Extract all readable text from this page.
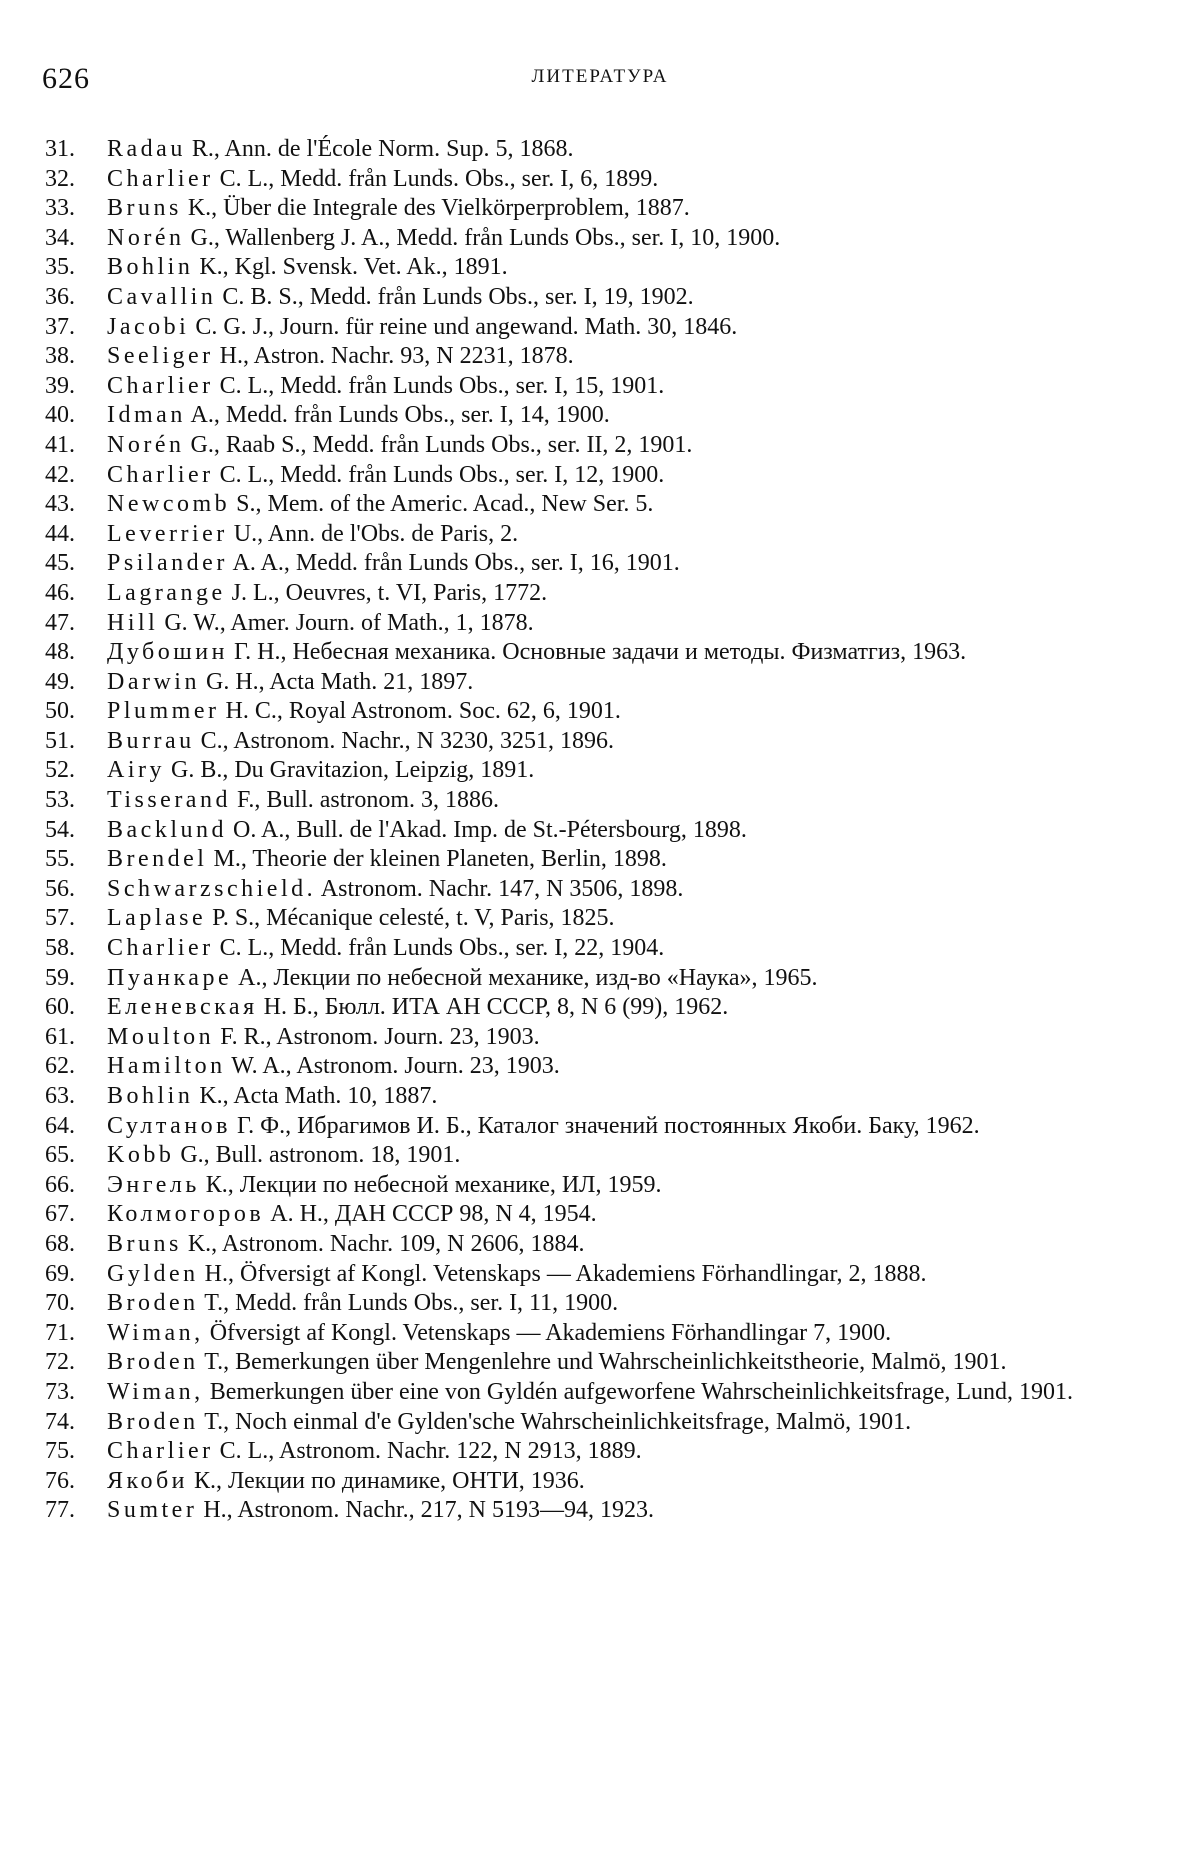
626	ЛИТЕРАТУРА
31.	Radau R., Ann. de l'École Norm. Sup. 5, 1868.
32.	Charlier C. L., Medd. från Lunds. Obs., ser. I, 6, 1899.
33.	Bruns K., Über die Integrale des Vielkörperproblem, 1887.
34.	Norén G., Wallenberg J. A., Medd. från Lunds Obs., ser. I, 10, 1900.
35.	Bohlin K., Kgl. Svensk. Vet. Ak., 1891.
36.	Cavallin C. B. S., Medd. från Lunds Obs., ser. I, 19, 1902.
37.	Jacobi C. G. J., Journ. für reine und angewand. Math. 30, 1846.
38.	Seeliger H., Astron. Nachr. 93, N 2231, 1878.
39.	Charlier C. L., Medd. från Lunds Obs., ser. I, 15, 1901.
40.	Idman A., Medd. från Lunds Obs., ser. I, 14, 1900.
41.	Norén G., Raab S., Medd. från Lunds Obs., ser. II, 2, 1901.
42.	Charlier C. L., Medd. från Lunds Obs., ser. I, 12, 1900.
43.	Newcomb S., Mem. of the Americ. Acad., New Ser. 5.
44.	Leverrier U., Ann. de l'Obs. de Paris, 2.
45.	Psilander A. A., Medd. från Lunds Obs., ser. I, 16, 1901.
46.	Lagrange J. L., Oeuvres, t. VI, Paris, 1772.
47.	Hill G. W., Amer. Journ. of Math., 1, 1878.
48.	Дубошин Г. Н., Небесная механика. Основные задачи и методы. Физматгиз, 1963.
49.	Darwin G. H., Acta Math. 21, 1897.
50.	Plummer H. C., Royal Astronom. Soc. 62, 6, 1901.
51.	Burrau C., Astronom. Nachr., N 3230, 3251, 1896.
52.	Airy G. B., Du Gravitazion, Leipzig, 1891.
53.	Tisserand F., Bull. astronom. 3, 1886.
54.	Backlund O. A., Bull. de l'Akad. Imp. de St.-Pétersbourg, 1898.
55.	Brendel M., Theorie der kleinen Planeten, Berlin, 1898.
56.	Schwarzschield. Astronom. Nachr. 147, N 3506, 1898.
57.	Laplase P. S., Mécanique celesté, t. V, Paris, 1825.
58.	Charlier C. L., Medd. från Lunds Obs., ser. I, 22, 1904.
59.	Пуанкаре А., Лекции по небесной механике, изд-во «Наука», 1965.
60.	Еленевская Н. Б., Бюлл. ИТА АН СССР, 8, N 6 (99), 1962.
61.	Moulton F. R., Astronom. Journ. 23, 1903.
62.	Hamilton W. A., Astronom. Journ. 23, 1903.
63.	Bohlin K., Acta Math. 10, 1887.
64.	Султанов Г. Ф., Ибрагимов И. Б., Каталог значений постоянных Якоби. Баку, 1962.
65.	Kobb G., Bull. astronom. 18, 1901.
66.	Энгель К., Лекции по небесной механике, ИЛ, 1959.
67.	Колмогоров А. Н., ДАН СССР 98, N 4, 1954.
68.	Bruns K., Astronom. Nachr. 109, N 2606, 1884.
69.	Gylden H., Öfversigt af Kongl. Vetenskaps — Akademiens Förhandlingar, 2, 1888.
70.	Broden T., Medd. från Lunds Obs., ser. I, 11, 1900.
71.	Wiman, Öfversigt af Kongl. Vetenskaps — Akademiens Förhandlingar 7, 1900.
72.	Broden T., Bemerkungen über Mengenlehre und Wahrscheinlichkeitstheorie, Malmö, 1901.
73.	Wiman, Bemerkungen über eine von Gyldén aufgeworfene Wahrscheinlichkeitsfrage, Lund, 1901.
74.	Broden T., Noch einmal d'e Gylden'sche Wahrscheinlichkeitsfrage, Malmö, 1901.
75.	Charlier C. L., Astronom. Nachr. 122, N 2913, 1889.
76.	Якоби К., Лекции по динамике, ОНТИ, 1936.
77.	Sumter H., Astronom. Nachr., 217, N 5193—94, 1923.
